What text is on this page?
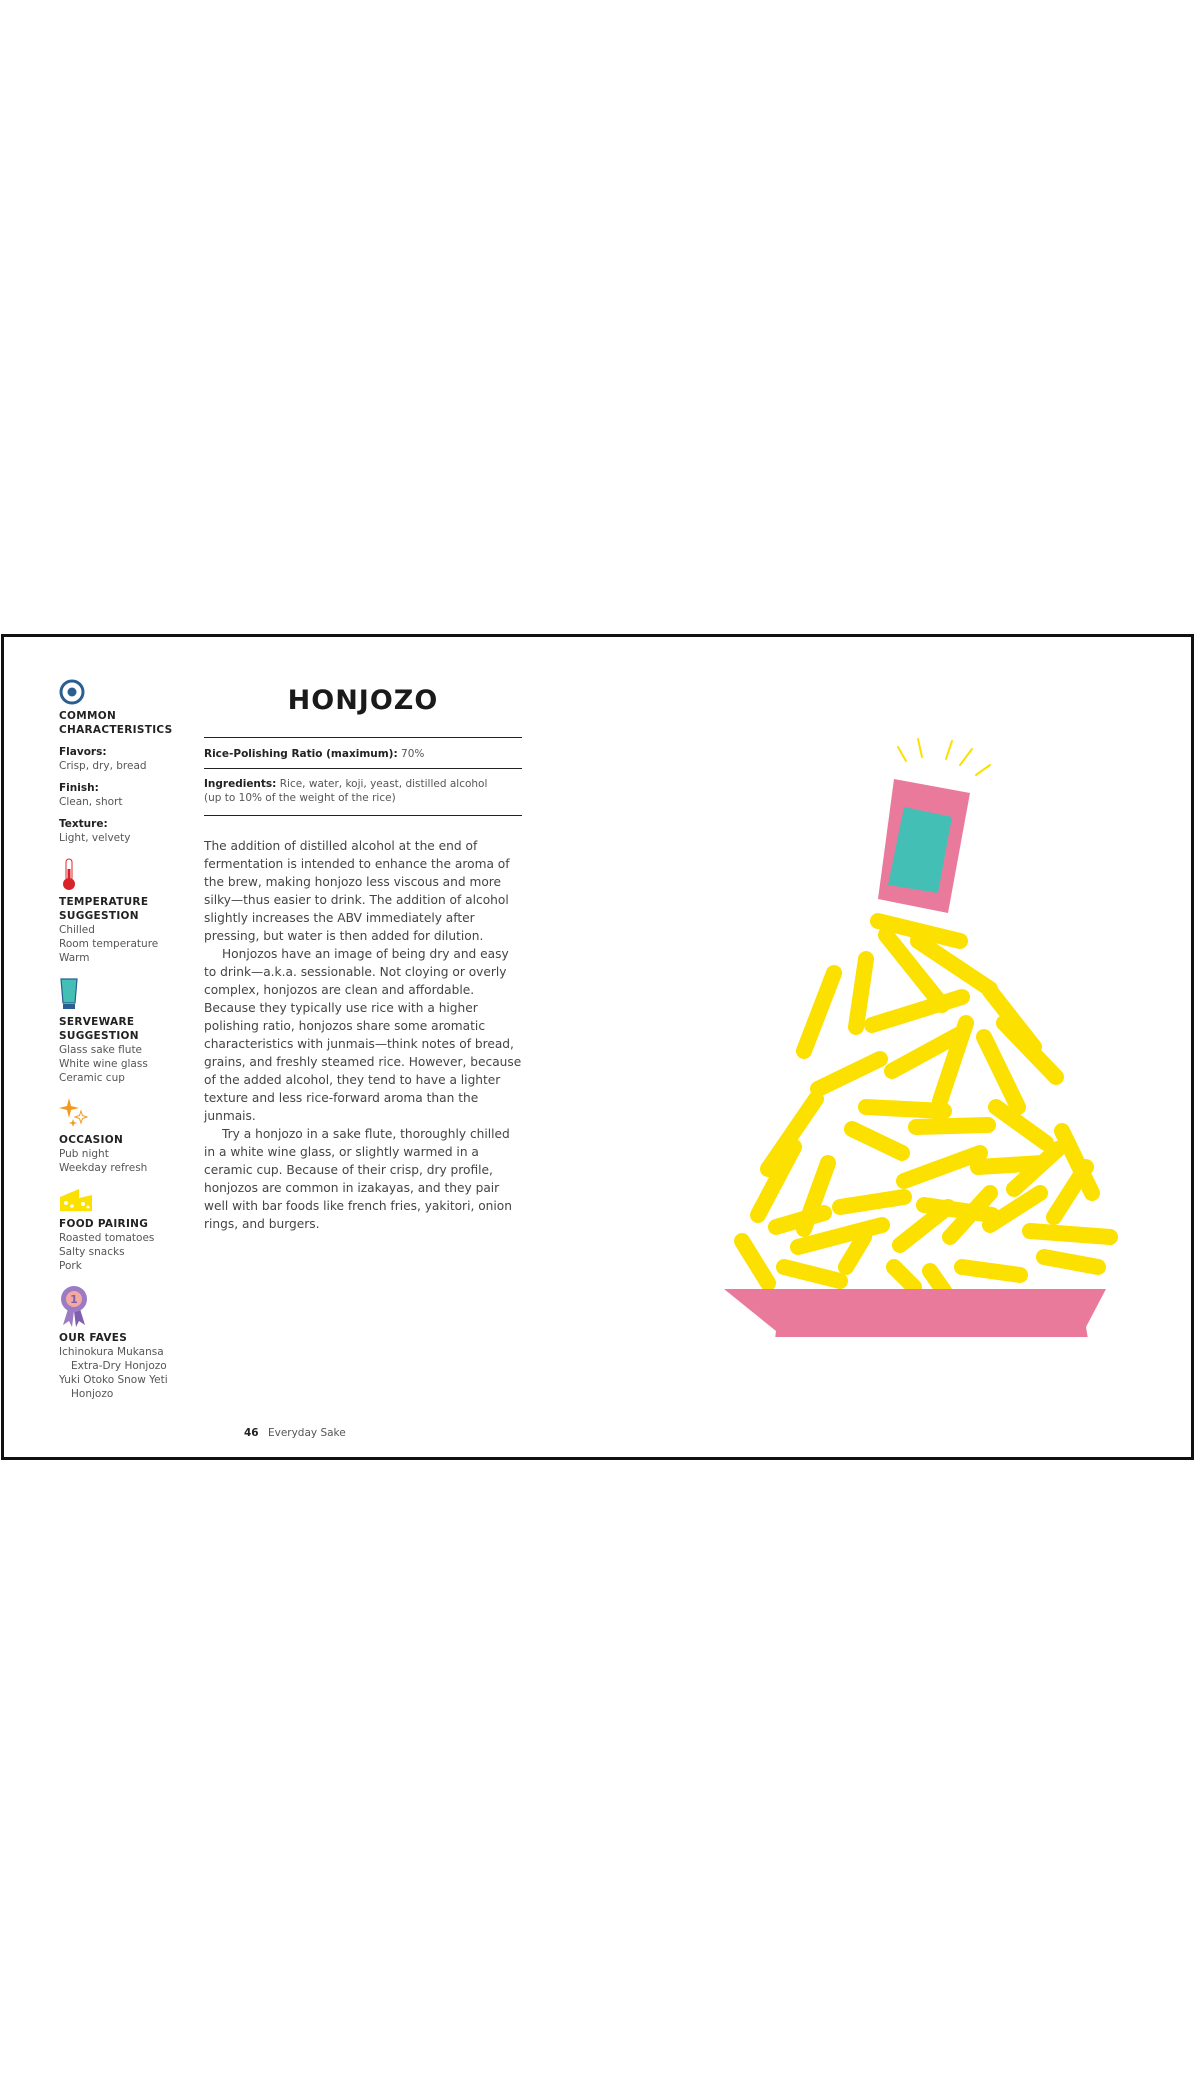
COMMON CHARACTERISTICS
Flavors:
Crisp, dry, bread
Finish:
Clean, short
Texture:
Light, velvety
TEMPERATURE SUGGESTION
Chilled
Room temperature
Warm
SERVEWARE SUGGESTION
Glass sake flute
White wine glass
Ceramic cup
OCCASION
Pub night
Weekday refresh
FOOD PAIRING
Roasted tomatoes
Salty snacks
Pork
1
OUR FAVES
Ichinokura Mukansa
Extra-Dry Honjozo
Yuki Otoko Snow Yeti
Honjozo
HONJOZO
Rice-Polishing Ratio (maximum): 70%
Ingredients: Rice, water, koji, yeast, distilled alcohol
(up to 10% of the weight of the rice)

The addition of distilled alcohol at the end of fermentation is intended to enhance the aroma of the brew, making honjozo less viscous and more silky—thus easier to drink. The addition of alcohol slightly increases the ABV immediately after pressing, but water is then added for dilution.

Honjozos have an image of being dry and easy to drink—a.k.a. sessionable. Not cloying or overly complex, honjozos are clean and affordable. Because they typically use rice with a higher polishing ratio, honjozos share some aromatic characteristics with junmais—think notes of bread, grains, and freshly steamed rice. However, because of the added alcohol, they tend to have a lighter texture and less rice-forward aroma than the junmais.

Try a honjozo in a sake flute, thoroughly chilled in a white wine glass, or slightly warmed in a ceramic cup. Because of their crisp, dry profile, honjozos are common in izakayas, and they pair well with bar foods like french fries, yakitori, onion rings, and burgers.

46 Everyday Sake
